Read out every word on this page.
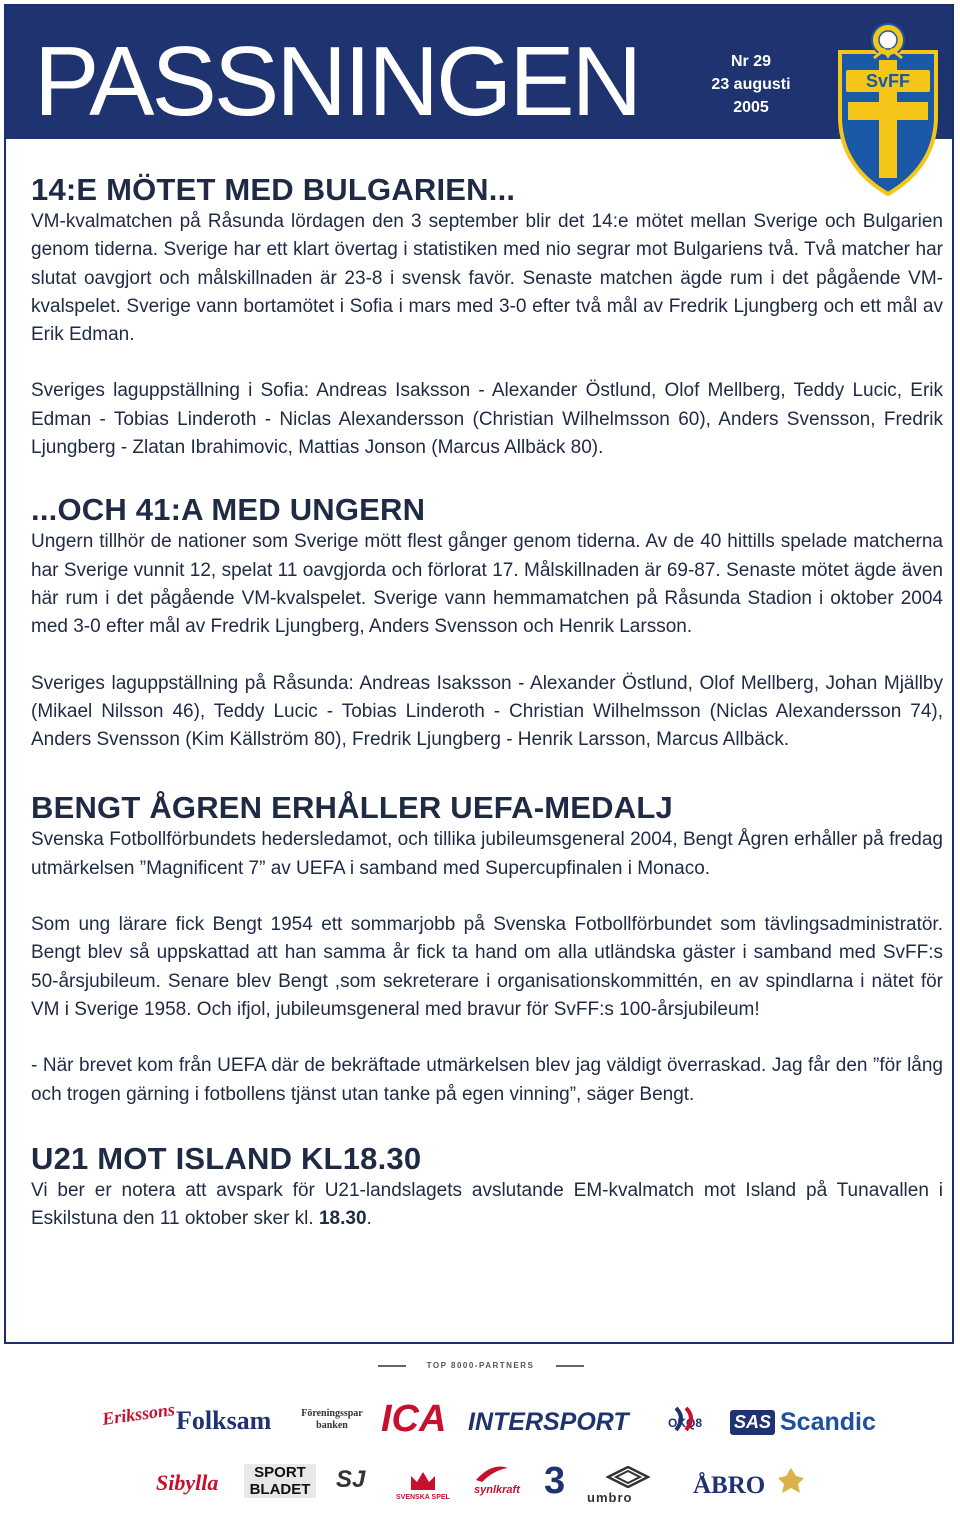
PASSNINGEN	Nr 29
23 augusti
2005
SvFF
14:E MÖTET MED BULGARIEN...

VM-kvalmatchen på Råsunda lördagen den 3 september blir det 14:e mötet mellan Sverige och Bulgarien genom tiderna. Sverige har ett klart övertag i statistiken med nio segrar mot Bulgariens två. Två matcher har slutat oavgjort och målskillnaden är 23-8 i svensk favör. Senaste matchen ägde rum i det pågående VM-kvalspelet. Sverige vann bortamötet i Sofia i mars med 3-0 efter två mål av Fredrik Ljungberg och ett mål av Erik Edman.

Sveriges laguppställning i Sofia: Andreas Isaksson - Alexander Östlund, Olof Mellberg, Teddy Lucic, Erik Edman - Tobias Linderoth - Niclas Alexandersson (Christian Wilhelmsson 60), Anders Svensson, Fredrik Ljungberg - Zlatan Ibrahimovic, Mattias Jonson (Marcus Allbäck 80).

...OCH 41:A MED UNGERN

Ungern tillhör de nationer som Sverige mött flest gånger genom tiderna. Av de 40 hittills spelade matcherna har Sverige vunnit 12, spelat 11 oavgjorda och förlorat 17. Målskillnaden är 69-87. Senaste mötet ägde även här rum i det pågående VM-kvalspelet. Sverige vann hemmamatchen på Råsunda Stadion i oktober 2004 med 3-0 efter mål av Fredrik Ljungberg, Anders Svensson och Henrik Larsson.

Sveriges laguppställning på Råsunda: Andreas Isaksson - Alexander Östlund, Olof Mellberg, Johan Mjällby (Mikael Nilsson 46), Teddy Lucic - Tobias Linderoth - Christian Wilhelmsson (Niclas Alexandersson 74), Anders Svensson (Kim Källström 80), Fredrik Ljungberg - Henrik Larsson, Marcus Allbäck.

BENGT ÅGREN ERHÅLLER UEFA-MEDALJ

Svenska Fotbollförbundets hedersledamot, och tillika jubileumsgeneral 2004, Bengt Ågren erhåller på fredag utmärkelsen ”Magnificent 7” av UEFA i samband med Supercupfinalen i Monaco.

Som ung lärare fick Bengt 1954 ett sommarjobb på Svenska Fotbollförbundet som tävlingsadministratör. Bengt blev så uppskattad att han samma år fick ta hand om alla utländska gäster i samband med SvFF:s 50-årsjubileum. Senare blev Bengt ,som sekreterare i organisationskommittén, en av spindlarna i nätet för VM i Sverige 1958. Och ifjol, jubileumsgeneral med bravur för SvFF:s 100-årsjubileum!

- När brevet kom från UEFA där de bekräftade utmärkelsen blev jag väldigt överraskad. Jag får den ”för lång och trogen gärning i fotbollens tjänst utan tanke på egen vinning”, säger Bengt.

U21 MOT ISLAND KL18.30

Vi ber er notera att avspark för U21-landslagets avslutande EM-kvalmatch mot Island på Tunavallen i Eskilstuna den 11 oktober sker kl. 18.30.

TOP 8000-PARTNERS
Erikssons Folksam	Föreningssparbanken ICA INTERSPORT	OKQ8 SAS Scandic
Sibylla	SPORT BLADET SJ
SVENSKA SPEL
synlkraft 3 umbro ÅBRO
